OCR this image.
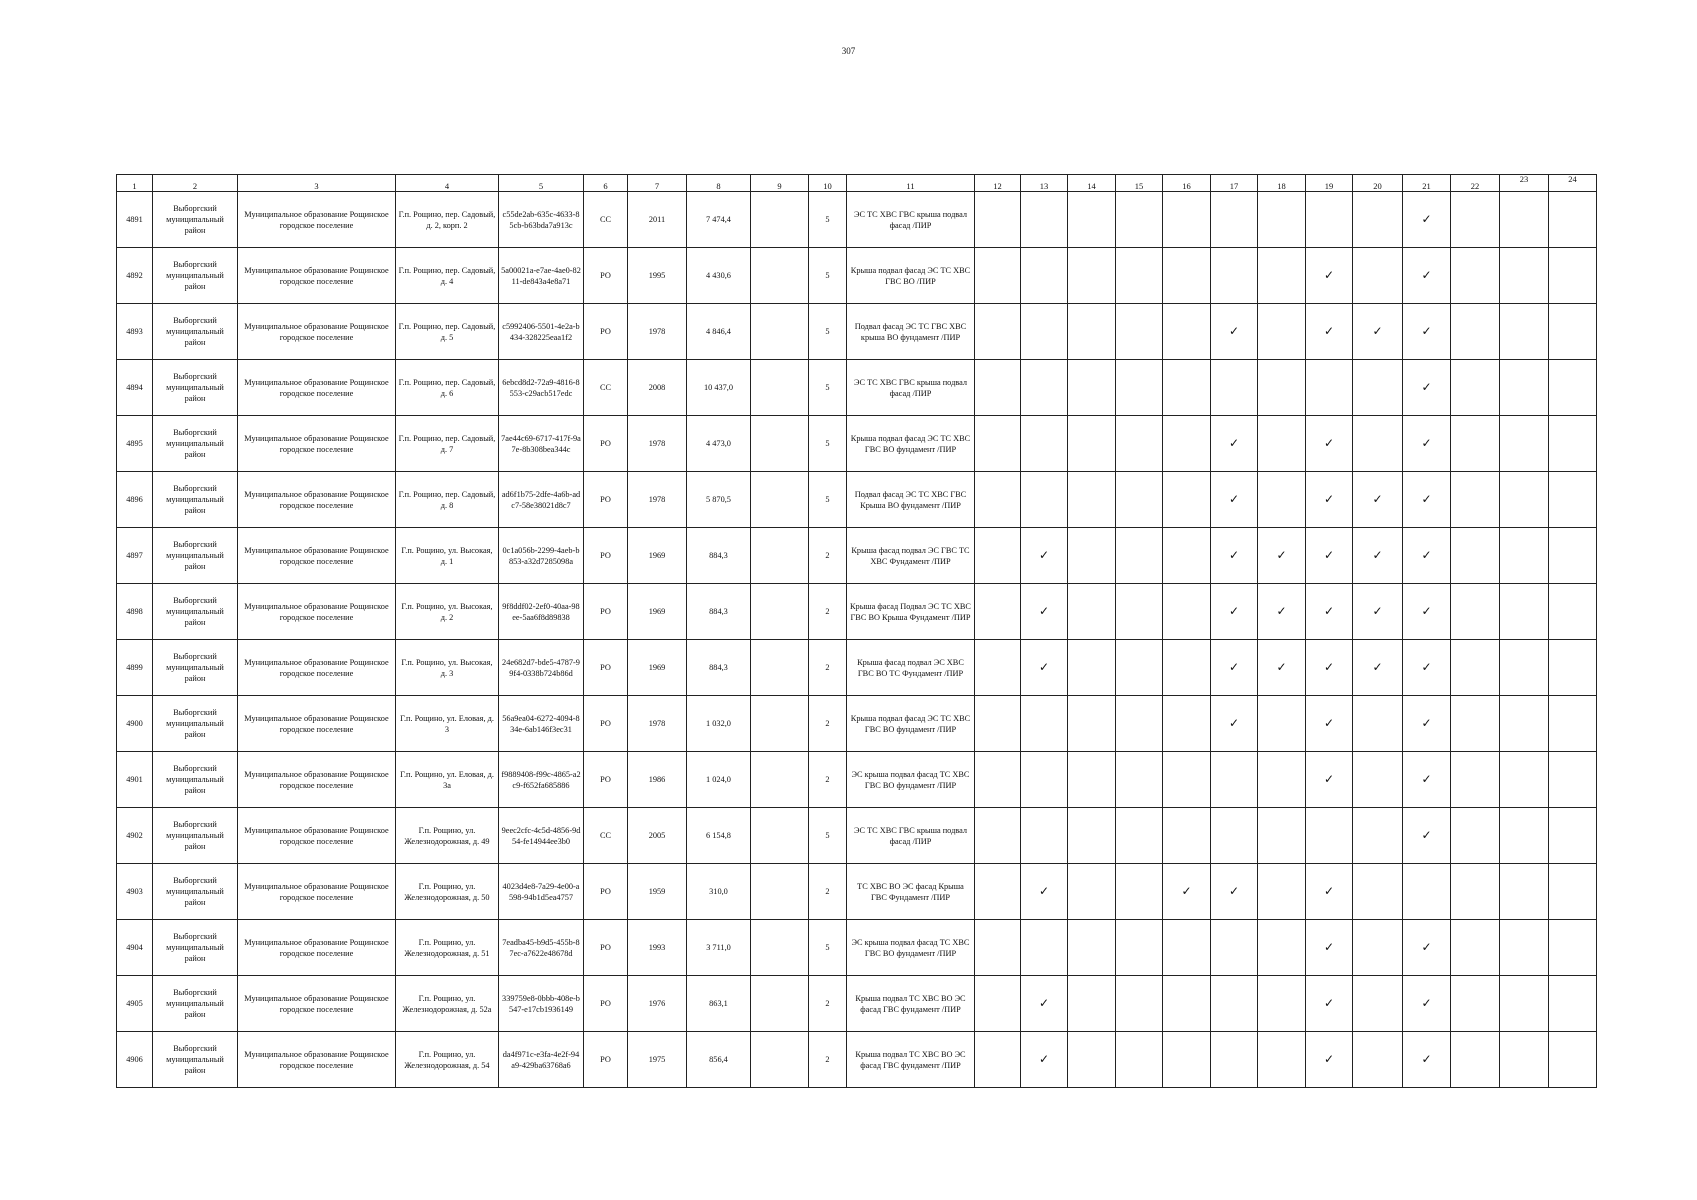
307
1	2	3	4	5	6	7	8	9	10	11	12	13	14	15	16	17	18	19	20	21	22	23	24
4891	Выборгский муниципальный район	Муниципальное образование Рощинское городское поселение	Г.п. Рощино, пер. Садовый, д. 2, корп. 2	c55de2ab-635c-4633-85cb-b63bda7a913c	СС	2011	7 474,4		5	ЭС ТС ХВС ГВС крыша подвал фасад /ПИР										✓			
4892	Выборгский муниципальный район	Муниципальное образование Рощинское городское поселение	Г.п. Рощино, пер. Садовый, д. 4	5a00021a-e7ae-4ae0-8211-de843a4e8a71	РО	1995	4 430,6		5	Крыша подвал фасад ЭС ТС ХВС ГВС ВО /ПИР								✓		✓			
4893	Выборгский муниципальный район	Муниципальное образование Рощинское городское поселение	Г.п. Рощино, пер. Садовый, д. 5	c5992406-5501-4e2a-b434-328225eaa1f2	РО	1978	4 846,4		5	Подвал фасад ЭС ТС ГВС ХВС крыша ВО фундамент /ПИР						✓		✓	✓	✓			
4894	Выборгский муниципальный район	Муниципальное образование Рощинское городское поселение	Г.п. Рощино, пер. Садовый, д. 6	6ebcd8d2-72a9-4816-8553-c29acb517edc	СС	2008	10 437,0		5	ЭС ТС ХВС ГВС крыша подвал фасад /ПИР										✓			
4895	Выборгский муниципальный район	Муниципальное образование Рощинское городское поселение	Г.п. Рощино, пер. Садовый, д. 7	7ae44c69-6717-417f-9a7e-8b308bea344c	РО	1978	4 473,0		5	Крыша подвал фасад ЭС ТС ХВС ГВС ВО фундамент /ПИР						✓		✓		✓			
4896	Выборгский муниципальный район	Муниципальное образование Рощинское городское поселение	Г.п. Рощино, пер. Садовый, д. 8	ad6f1b75-2dfe-4a6b-adc7-58e38021d8c7	РО	1978	5 870,5		5	Подвал фасад ЭС ТС ХВС ГВС Крыша ВО фундамент /ПИР						✓		✓	✓	✓			
4897	Выборгский муниципальный район	Муниципальное образование Рощинское городское поселение	Г.п. Рощино, ул. Высокая, д. 1	0c1a056b-2299-4aeb-b853-a32d7285098a	РО	1969	884,3		2	Крыша фасад подвал ЭС ГВС ТС ХВС Фундамент /ПИР		✓				✓	✓	✓	✓	✓			
4898	Выборгский муниципальный район	Муниципальное образование Рощинское городское поселение	Г.п. Рощино, ул. Высокая, д. 2	9f8ddf02-2ef0-40aa-98ee-5aa6f8d89838	РО	1969	884,3		2	Крыша фасад Подвал ЭС ТС ХВС ГВС ВО Крыша Фундамент /ПИР		✓				✓	✓	✓	✓	✓			
4899	Выборгский муниципальный район	Муниципальное образование Рощинское городское поселение	Г.п. Рощино, ул. Высокая, д. 3	24e682d7-bde5-4787-99f4-0338b724b86d	РО	1969	884,3		2	Крыша фасад подвал ЭС ХВС ГВС ВО ТС Фундамент /ПИР		✓				✓	✓	✓	✓	✓			
4900	Выборгский муниципальный район	Муниципальное образование Рощинское городское поселение	Г.п. Рощино, ул. Еловая, д. 3	56a9ea04-6272-4094-834e-6ab146f3ec31	РО	1978	1 032,0		2	Крыша подвал фасад ЭС ТС ХВС ГВС ВО фундамент /ПИР						✓		✓		✓			
4901	Выборгский муниципальный район	Муниципальное образование Рощинское городское поселение	Г.п. Рощино, ул. Еловая, д. 3а	f9889408-f99c-4865-a2c9-f652fa685886	РО	1986	1 024,0		2	ЭС крыша подвал фасад ТС ХВС ГВС ВО фундамент /ПИР								✓		✓			
4902	Выборгский муниципальный район	Муниципальное образование Рощинское городское поселение	Г.п. Рощино, ул. Железнодорожная, д. 49	9eec2cfc-4c5d-4856-9d54-fe14944ee3b0	СС	2005	6 154,8		5	ЭС ТС ХВС ГВС крыша подвал фасад /ПИР										✓			
4903	Выборгский муниципальный район	Муниципальное образование Рощинское городское поселение	Г.п. Рощино, ул. Железнодорожная, д. 50	4023d4e8-7a29-4e00-a598-94b1d5ea4757	РО	1959	310,0		2	ТС ХВС ВО ЭС фасад Крыша ГВС Фундамент /ПИР		✓			✓	✓		✓					
4904	Выборгский муниципальный район	Муниципальное образование Рощинское городское поселение	Г.п. Рощино, ул. Железнодорожная, д. 51	7eadba45-b9d5-455b-87ec-a7622e48678d	РО	1993	3 711,0		5	ЭС крыша подвал фасад ТС ХВС ГВС ВО фундамент /ПИР								✓		✓			
4905	Выборгский муниципальный район	Муниципальное образование Рощинское городское поселение	Г.п. Рощино, ул. Железнодорожная, д. 52а	339759e8-0bbb-408e-b547-e17cb1936149	РО	1976	863,1		2	Крыша подвал ТС ХВС ВО ЭС фасад ГВС фундамент /ПИР		✓						✓		✓			
4906	Выборгский муниципальный район	Муниципальное образование Рощинское городское поселение	Г.п. Рощино, ул. Железнодорожная, д. 54	da4f971c-e3fa-4e2f-94a9-429ba63768a6	РО	1975	856,4		2	Крыша подвал ТС ХВС ВО ЭС фасад ГВС фундамент /ПИР		✓						✓		✓			
